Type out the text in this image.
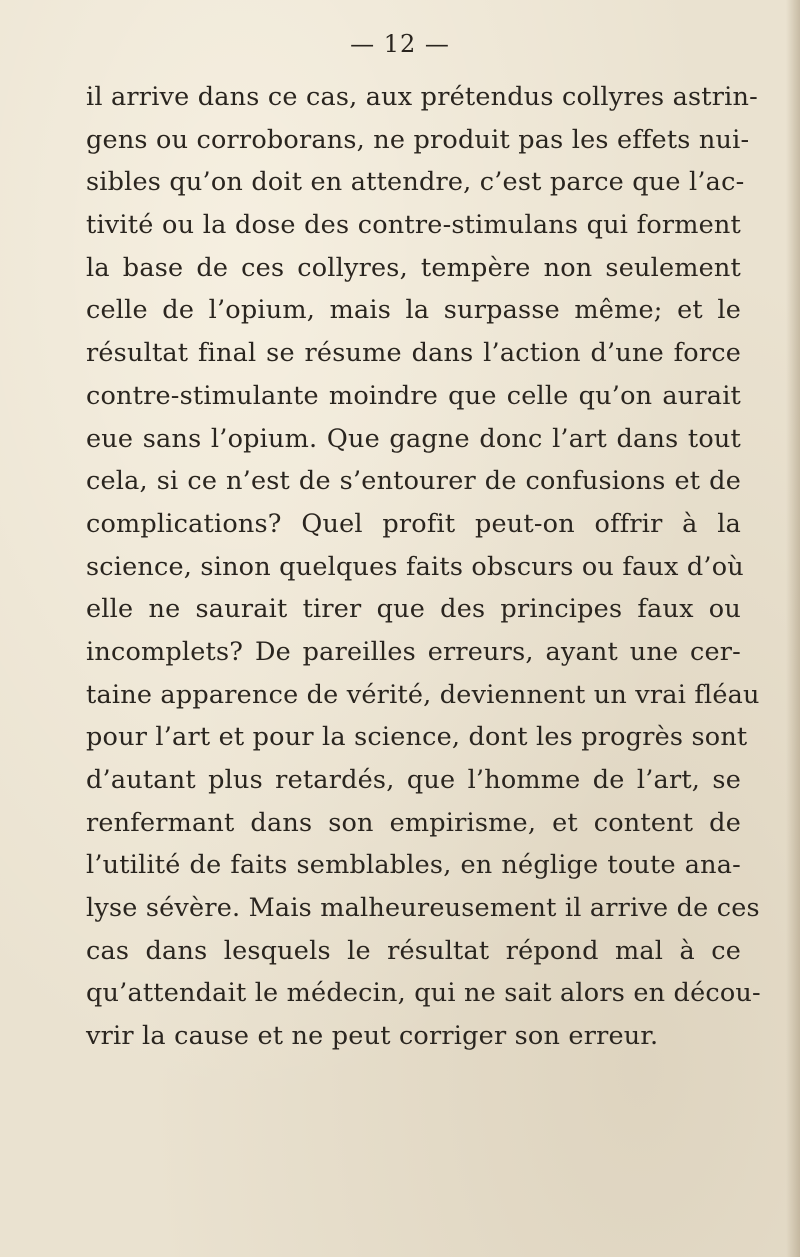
— 12 —
il arrive dans ce cas, aux prétendus collyres astrin-
gens ou corroborans, ne produit pas les effets nui-
sibles qu’on doit en attendre, c’est parce que l’ac-
tivité ou la dose des contre-stimulans qui forment
la base de ces collyres, tempère non seulement
celle de l’opium, mais la surpasse même; et le
résultat final se résume dans l’action d’une force
contre-stimulante moindre que celle qu’on aurait
eue sans l’opium. Que gagne donc l’art dans tout
cela, si ce n’est de s’entourer de confusions et de
complications? Quel profit peut-on offrir à la
science, sinon quelques faits obscurs ou faux d’où
elle ne saurait tirer que des principes faux ou
incomplets? De pareilles erreurs, ayant une cer-
taine apparence de vérité, deviennent un vrai fléau
pour l’art et pour la science, dont les progrès sont
d’autant plus retardés, que l’homme de l’art, se
renfermant dans son empirisme, et content de
l’utilité de faits semblables, en néglige toute ana-
lyse sévère. Mais malheureusement il arrive de ces
cas dans lesquels le résultat répond mal à ce
qu’attendait le médecin, qui ne sait alors en décou-
vrir la cause et ne peut corriger son erreur.
